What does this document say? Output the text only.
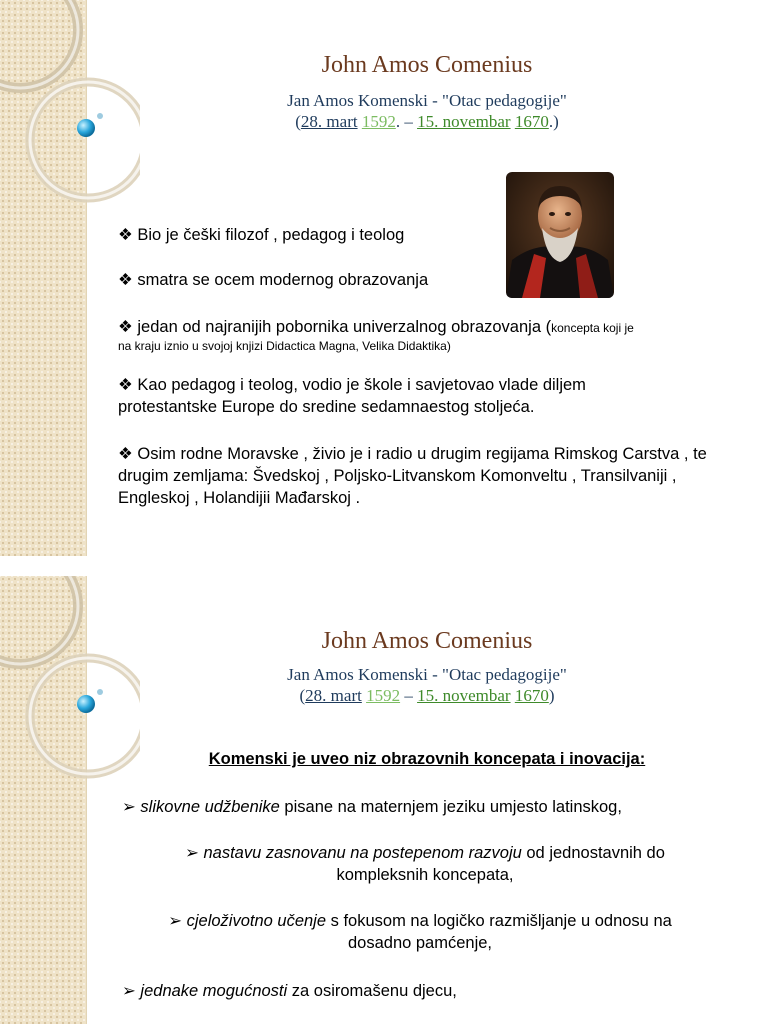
John Amos Comenius
Jan Amos Komenski - "Otac pedagogije"
(28. mart 1592. – 15. novembar 1670.)
❖ Bio je češki filozof , pedagog i teolog
❖ smatra se ocem modernog obrazovanja
❖ jedan od najranijih pobornika univerzalnog obrazovanja (koncepta koji je
na kraju iznio u svojoj knjizi Didactica Magna, Velika Didaktika)
❖ Kao pedagog i teolog, vodio je škole i savjetovao vlade diljem protestantske Europe do sredine sedamnaestog stoljeća.
❖ Osim rodne Moravske , živio je i radio u drugim regijama Rimskog Carstva , te drugim zemljama: Švedskoj , Poljsko-Litvanskom Komonveltu , Transilvaniji , Engleskoj , Holandijii Mađarskoj .
John Amos Comenius
Jan Amos Komenski - "Otac pedagogije"
(28. mart 1592 – 15. novembar 1670)
Komenski je uveo niz obrazovnih koncepata i inovacija:
➢ slikovne udžbenike pisane na maternjem jeziku umjesto latinskog,
➢ nastavu zasnovanu na postepenom razvoju od jednostavnih do
kompleksnih koncepata,
➢ cjeloživotno učenje s fokusom na logičko razmišljanje u odnosu na
dosadno pamćenje,
➢ jednake mogućnosti za osiromašenu djecu,
